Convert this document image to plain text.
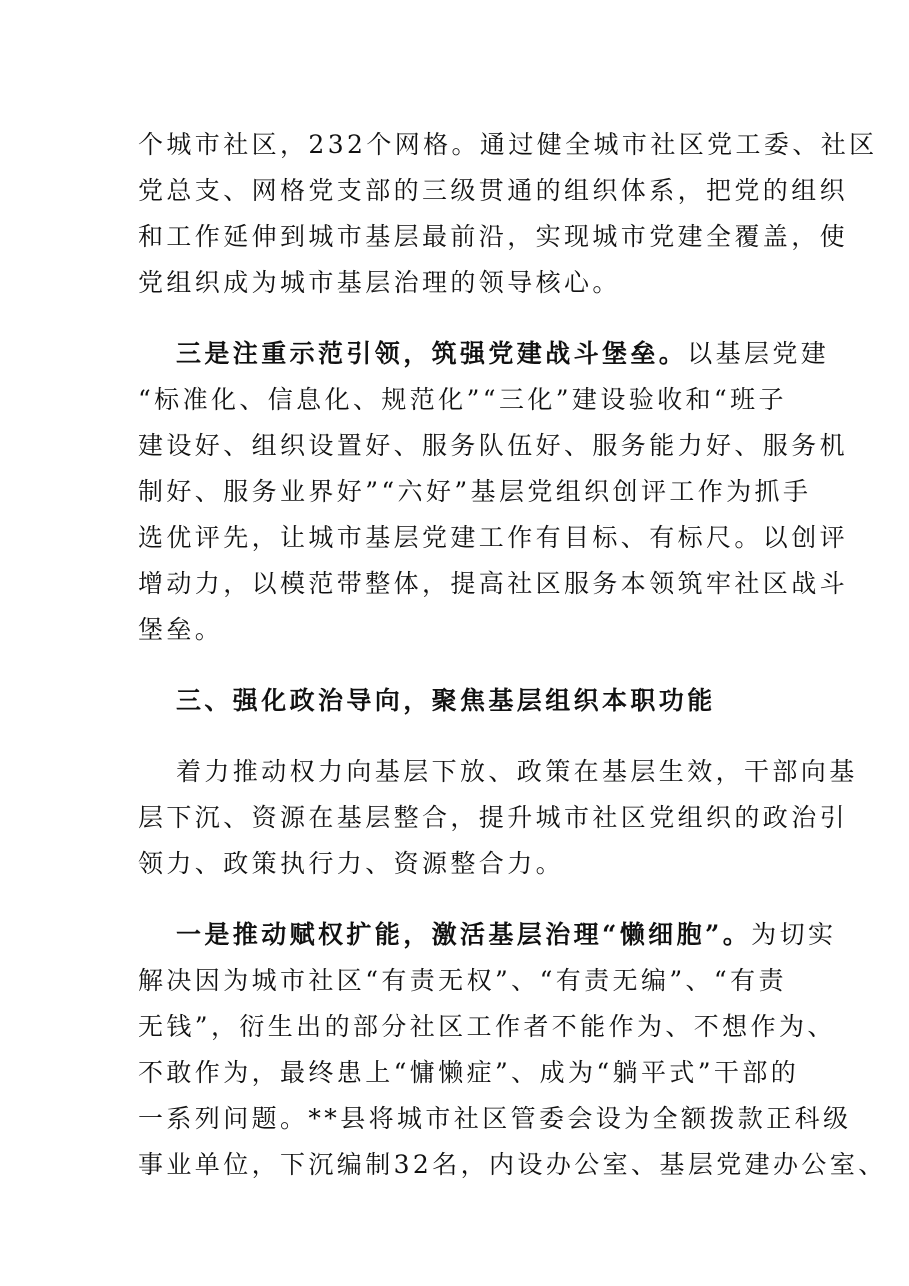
个城市社区，232个网格。通过健全城市社区党工委、社区
党总支、网格党支部的三级贯通的组织体系，把党的组织
和工作延伸到城市基层最前沿，实现城市党建全覆盖，使
党组织成为城市基层治理的领导核心。
三是注重示范引领，筑强党建战斗堡垒。以基层党建
“标准化、信息化、规范化”“三化”建设验收和“班子
建设好、组织设置好、服务队伍好、服务能力好、服务机
制好、服务业界好”“六好”基层党组织创评工作为抓手
选优评先，让城市基层党建工作有目标、有标尺。以创评
增动力，以模范带整体，提高社区服务本领筑牢社区战斗
堡垒。
三、强化政治导向，聚焦基层组织本职功能
着力推动权力向基层下放、政策在基层生效，干部向基
层下沉、资源在基层整合，提升城市社区党组织的政治引
领力、政策执行力、资源整合力。
一是推动赋权扩能，激活基层治理“懒细胞”。为切实
解决因为城市社区“有责无权”、“有责无编”、“有责
无钱”，衍生出的部分社区工作者不能作为、不想作为、
不敢作为，最终患上“慵懒症”、成为“躺平式”干部的
一系列问题。**县将城市社区管委会设为全额拨款正科级
事业单位，下沉编制32名，内设办公室、基层党建办公室、
